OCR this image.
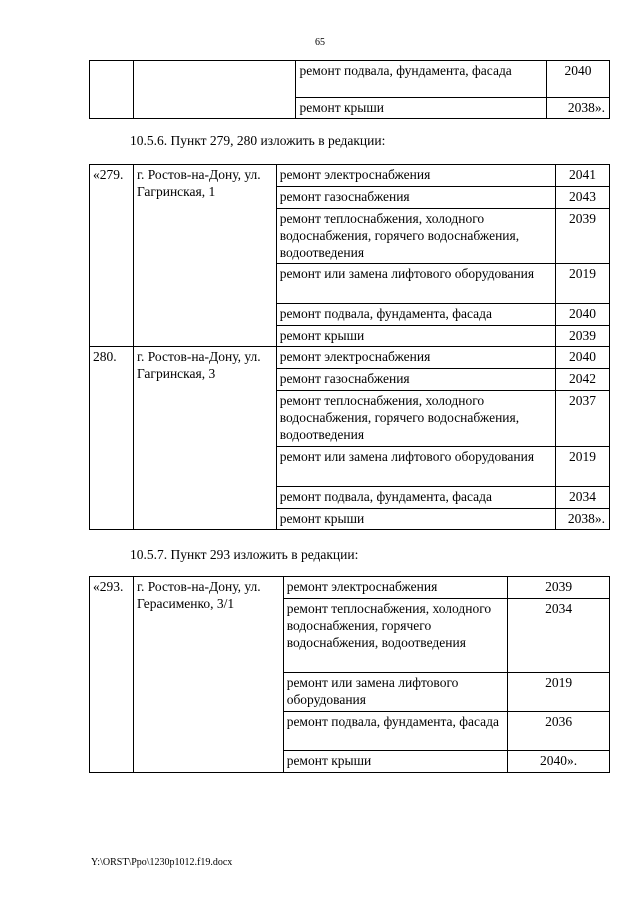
65
		ремонт подвала, фундамента, фасада	2040
		ремонт крыши	2038».
10.5.6. Пункт 279, 280 изложить в редакции:
«279.	г. Ростов-на-Дону, ул. Гагринская, 1	ремонт электроснабжения	2041
		ремонт газоснабжения	2043
		ремонт теплоснабжения, холодного водоснабжения, горячего водоснабжения, водоотведения	2039
		ремонт или замена лифтового оборудования	2019
		ремонт подвала, фундамента, фасада	2040
		ремонт крыши	2039
280.	г. Ростов-на-Дону, ул. Гагринская, 3	ремонт электроснабжения	2040
		ремонт газоснабжения	2042
		ремонт теплоснабжения, холодного водоснабжения, горячего водоснабжения, водоотведения	2037
		ремонт или замена лифтового оборудования	2019
		ремонт подвала, фундамента, фасада	2034
		ремонт крыши	2038».
10.5.7. Пункт 293 изложить в редакции:
«293.	г. Ростов-на-Дону, ул. Герасименко, 3/1	ремонт электроснабжения	2039
		ремонт теплоснабжения, холодного водоснабжения, горячего водоснабжения, водоотведения	2034
		ремонт или замена лифтового оборудования	2019
		ремонт подвала, фундамента, фасада	2036
		ремонт крыши	2040».
Y:\ORST\Ppo\1230p1012.f19.docx
